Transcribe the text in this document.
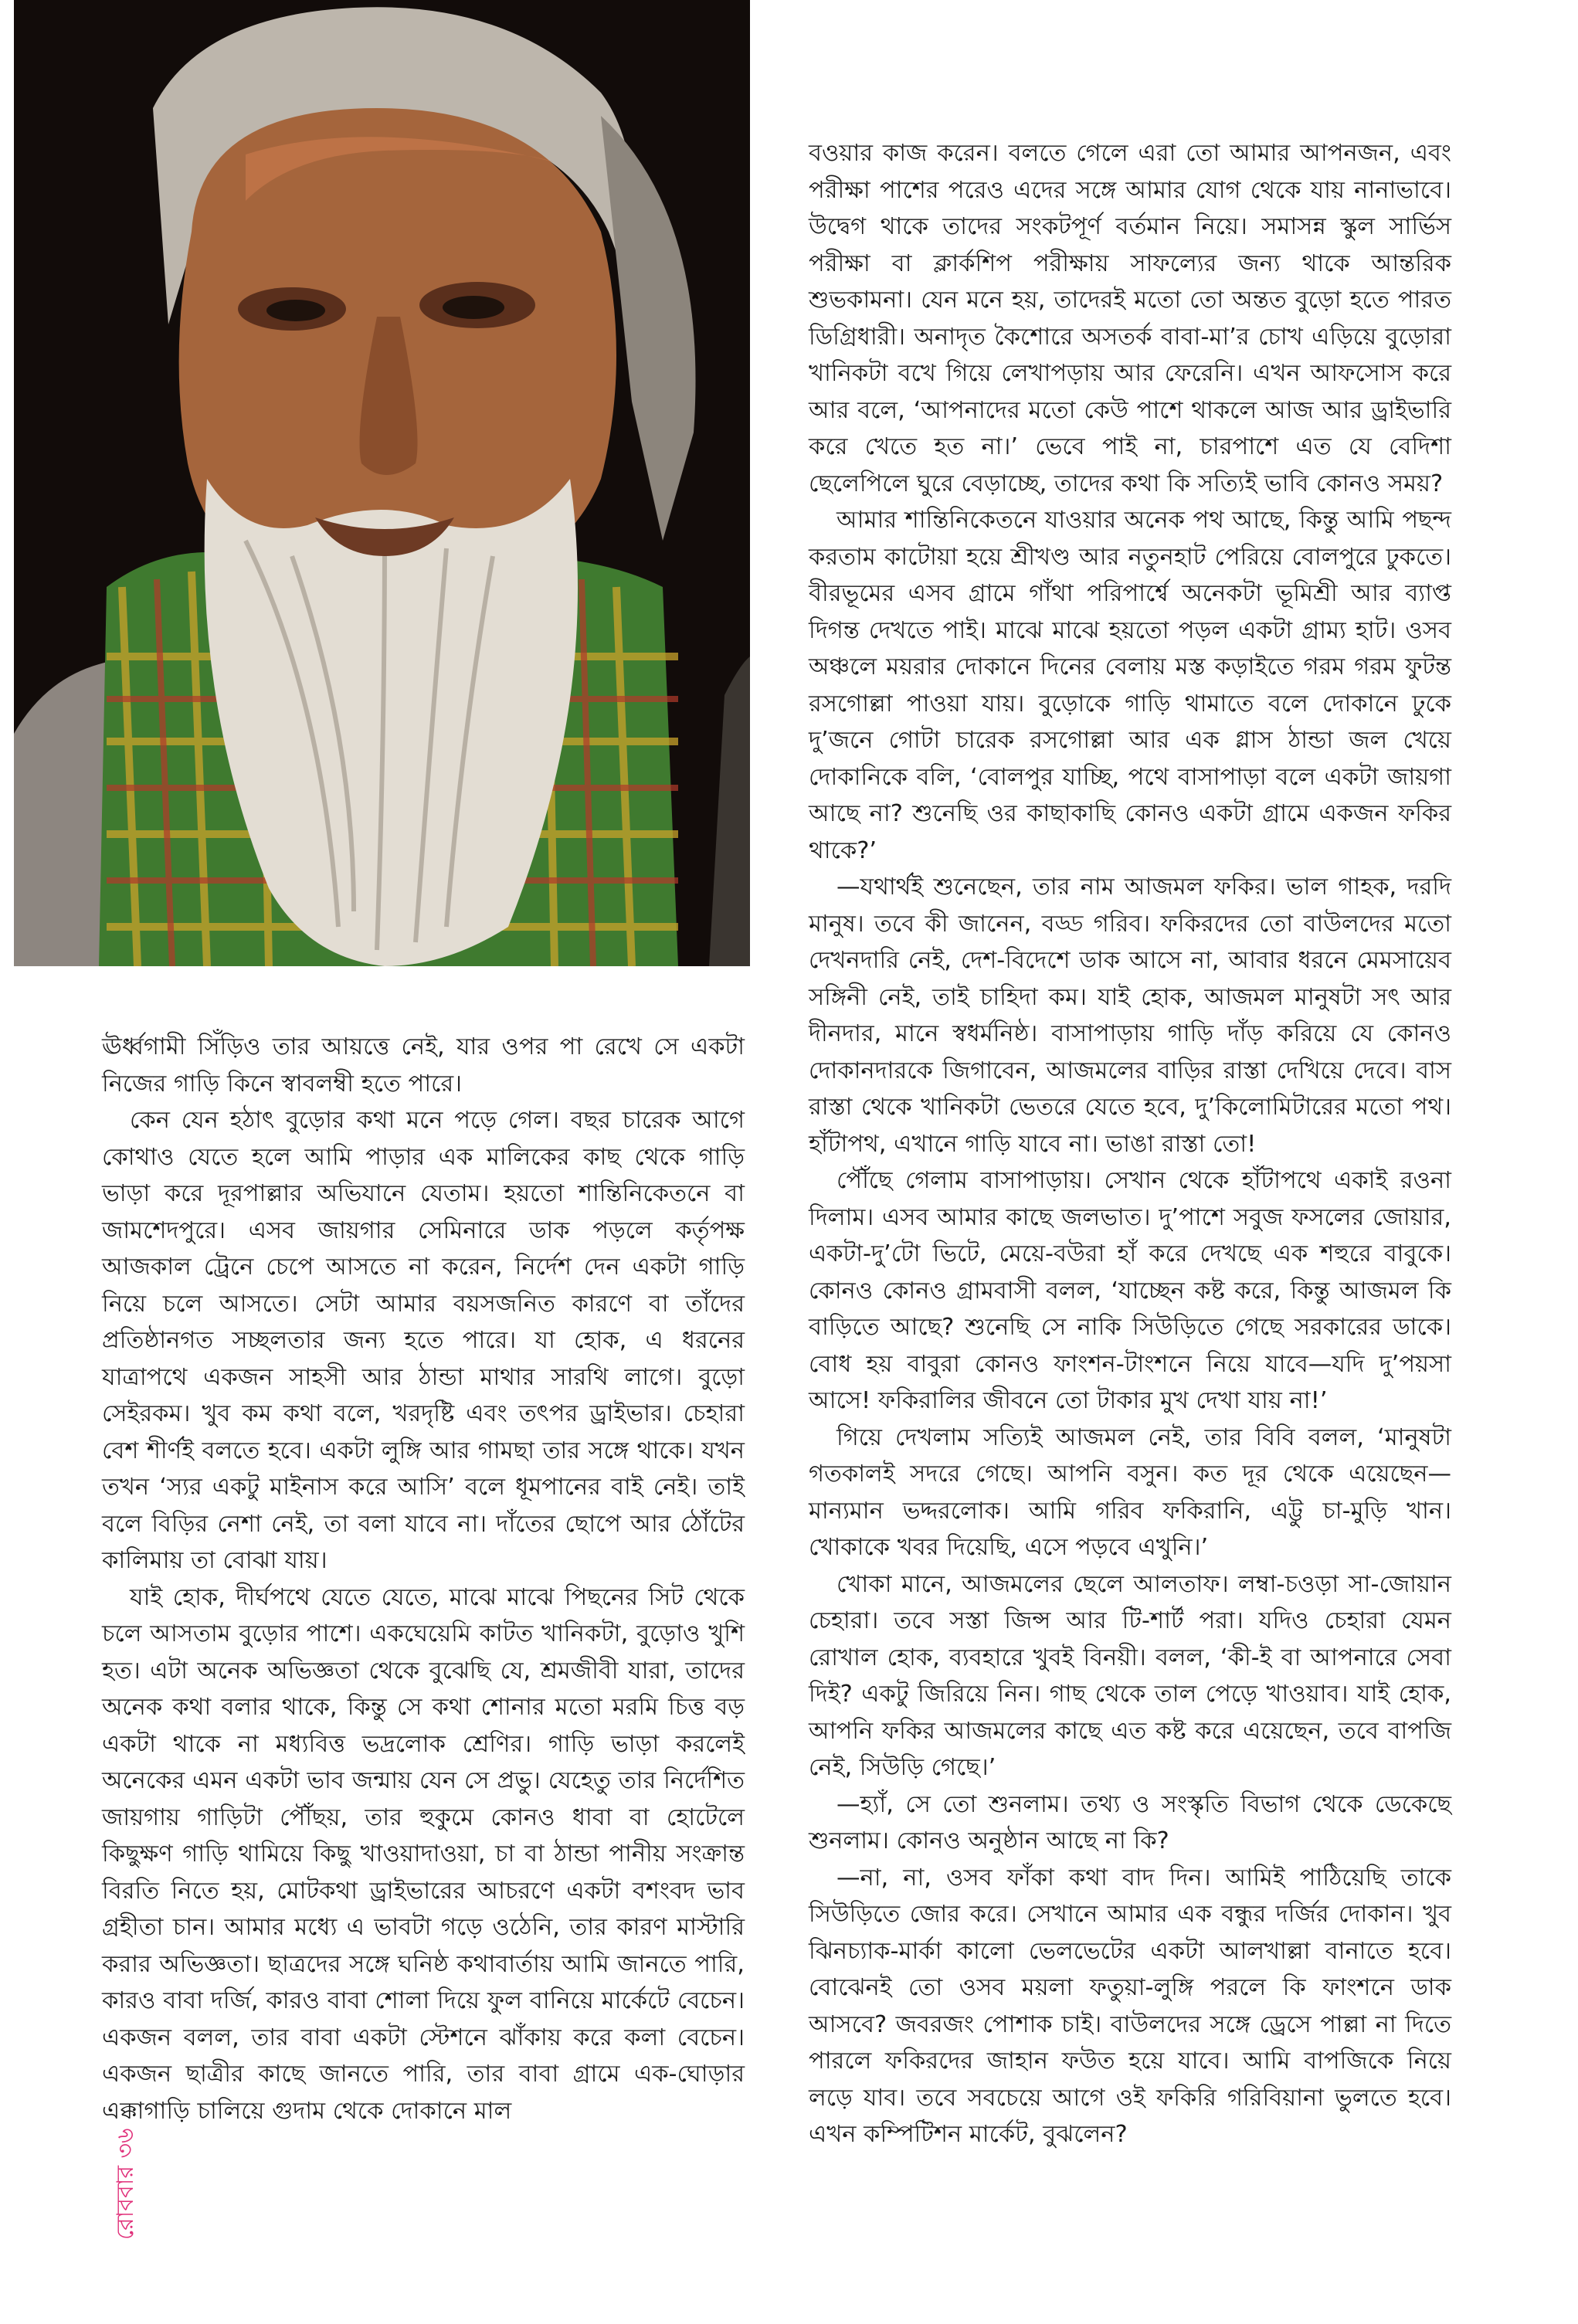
ঊর্ধ্বগামী সিঁড়িও তার আয়ত্তে নেই, যার ওপর পা রেখে সে একটা নিজের গাড়ি কিনে স্বাবলম্বী হতে পারে।

কেন যেন হঠাৎ বুড়োর কথা মনে পড়ে গেল। বছর চারেক আগে কোথাও যেতে হলে আমি পাড়ার এক মালিকের কাছ থেকে গাড়ি ভাড়া করে দূরপাল্লার অভিযানে যেতাম। হয়তো শান্তিনিকেতনে বা জামশেদপুরে। এসব জায়গার সেমিনারে ডাক পড়লে কর্তৃপক্ষ আজকাল ট্রেনে চেপে আসতে না করেন, নির্দেশ দেন একটা গাড়ি নিয়ে চলে আসতে। সেটা আমার বয়সজনিত কারণে বা তাঁদের প্রতিষ্ঠানগত সচ্ছলতার জন্য হতে পারে। যা হোক, এ ধরনের যাত্রাপথে একজন সাহসী আর ঠান্ডা মাথার সারথি লাগে। বুড়ো সেইরকম। খুব কম কথা বলে, খরদৃষ্টি এবং তৎপর ড্রাইভার। চেহারা বেশ শীর্ণই বলতে হবে। একটা লুঙ্গি আর গামছা তার সঙ্গে থাকে। যখন তখন ‘স্যর একটু মাইনাস করে আসি’ বলে ধূমপানের বাই নেই। তাই বলে বিড়ির নেশা নেই, তা বলা যাবে না। দাঁতের ছোপে আর ঠোঁটের কালিমায় তা বোঝা যায়।

যাই হোক, দীর্ঘপথে যেতে যেতে, মাঝে মাঝে পিছনের সিট থেকে চলে আসতাম বুড়োর পাশে। একঘেয়েমি কাটত খানিকটা, বুড়োও খুশি হত। এটা অনেক অভিজ্ঞতা থেকে বুঝেছি যে, শ্রমজীবী যারা, তাদের অনেক কথা বলার থাকে, কিন্তু সে কথা শোনার মতো মরমি চিত্ত বড় একটা থাকে না মধ্যবিত্ত ভদ্রলোক শ্রেণির। গাড়ি ভাড়া করলেই অনেকের এমন একটা ভাব জন্মায় যেন সে প্রভু। যেহেতু তার নির্দেশিত জায়গায় গাড়িটা পৌঁছয়, তার হুকুমে কোনও ধাবা বা হোটেলে কিছুক্ষণ গাড়ি থামিয়ে কিছু খাওয়াদাওয়া, চা বা ঠান্ডা পানীয় সংক্রান্ত বিরতি নিতে হয়, মোটকথা ড্রাইভারের আচরণে একটা বশংবদ ভাব গ্রহীতা চান। আমার মধ্যে এ ভাবটা গড়ে ওঠেনি, তার কারণ মাস্টারি করার অভিজ্ঞতা। ছাত্রদের সঙ্গে ঘনিষ্ঠ কথাবার্তায় আমি জানতে পারি, কারও বাবা দর্জি, কারও বাবা শোলা দিয়ে ফুল বানিয়ে মার্কেটে বেচেন। একজন বলল, তার বাবা একটা স্টেশনে ঝাঁকায় করে কলা বেচেন। একজন ছাত্রীর কাছে জানতে পারি, তার বাবা গ্রামে এক-ঘোড়ার এক্কাগাড়ি চালিয়ে গুদাম থেকে দোকানে মাল

বওয়ার কাজ করেন। বলতে গেলে এরা তো আমার আপনজন, এবং পরীক্ষা পাশের পরেও এদের সঙ্গে আমার যোগ থেকে যায় নানাভাবে। উদ্বেগ থাকে তাদের সংকটপূর্ণ বর্তমান নিয়ে। সমাসন্ন স্কুল সার্ভিস পরীক্ষা বা ক্লার্কশিপ পরীক্ষায় সাফল্যের জন্য থাকে আন্তরিক শুভকামনা। যেন মনে হয়, তাদেরই মতো তো অন্তত বুড়ো হতে পারত ডিগ্রিধারী। অনাদৃত কৈশোরে অসতর্ক বাবা-মা’র চোখ এড়িয়ে বুড়োরা খানিকটা বখে গিয়ে লেখাপড়ায় আর ফেরেনি। এখন আফসোস করে আর বলে, ‘আপনাদের মতো কেউ পাশে থাকলে আজ আর ড্রাইভারি করে খেতে হত না।’ ভেবে পাই না, চারপাশে এত যে বেদিশা ছেলেপিলে ঘুরে বেড়াচ্ছে, তাদের কথা কি সত্যিই ভাবি কোনও সময়?

আমার শান্তিনিকেতনে যাওয়ার অনেক পথ আছে, কিন্তু আমি পছন্দ করতাম কাটোয়া হয়ে শ্রীখণ্ড আর নতুনহাট পেরিয়ে বোলপুরে ঢুকতে। বীরভূমের এসব গ্রামে গাঁথা পরিপার্শ্বে অনেকটা ভূমিশ্রী আর ব্যাপ্ত দিগন্ত দেখতে পাই। মাঝে মাঝে হয়তো পড়ল একটা গ্রাম্য হাট। ওসব অঞ্চলে ময়রার দোকানে দিনের বেলায় মস্ত কড়াইতে গরম গরম ফুটন্ত রসগোল্লা পাওয়া যায়। বুড়োকে গাড়ি থামাতে বলে দোকানে ঢুকে দু’জনে গোটা চারেক রসগোল্লা আর এক গ্লাস ঠান্ডা জল খেয়ে দোকানিকে বলি, ‘বোলপুর যাচ্ছি, পথে বাসাপাড়া বলে একটা জায়গা আছে না? শুনেছি ওর কাছাকাছি কোনও একটা গ্রামে একজন ফকির থাকে?’

—যথার্থই শুনেছেন, তার নাম আজমল ফকির। ভাল গাহক, দরদি মানুষ। তবে কী জানেন, বড্ড গরিব। ফকিরদের তো বাউলদের মতো দেখনদারি নেই, দেশ-বিদেশে ডাক আসে না, আবার ধরনে মেমসায়েব সঙ্গিনী নেই, তাই চাহিদা কম। যাই হোক, আজমল মানুষটা সৎ আর দীনদার, মানে স্বধর্মনিষ্ঠ। বাসাপাড়ায় গাড়ি দাঁড় করিয়ে যে কোনও দোকানদারকে জিগাবেন, আজমলের বাড়ির রাস্তা দেখিয়ে দেবে। বাস রাস্তা থেকে খানিকটা ভেতরে যেতে হবে, দু’কিলোমিটারের মতো পথ। হাঁটাপথ, এখানে গাড়ি যাবে না। ভাঙা রাস্তা তো!

পৌঁছে গেলাম বাসাপাড়ায়। সেখান থেকে হাঁটাপথে একাই রওনা দিলাম। এসব আমার কাছে জলভাত। দু’পাশে সবুজ ফসলের জোয়ার, একটা-দু’টো ভিটে, মেয়ে-বউরা হাঁ করে দেখছে এক শহুরে বাবুকে। কোনও কোনও গ্রামবাসী বলল, ‘যাচ্ছেন কষ্ট করে, কিন্তু আজমল কি বাড়িতে আছে? শুনেছি সে নাকি সিউড়িতে গেছে সরকারের ডাকে। বোধ হয় বাবুরা কোনও ফাংশন-টাংশনে নিয়ে যাবে—যদি দু’পয়সা আসে! ফকিরালির জীবনে তো টাকার মুখ দেখা যায় না!’

গিয়ে দেখলাম সত্যিই আজমল নেই, তার বিবি বলল, ‘মানুষটা গতকালই সদরে গেছে। আপনি বসুন। কত দূর থেকে এয়েছেন—মান্যমান ভদ্দরলোক। আমি গরিব ফকিরানি, এট্টু চা-মুড়ি খান। খোকাকে খবর দিয়েছি, এসে পড়বে এখুনি।’

খোকা মানে, আজমলের ছেলে আলতাফ। লম্বা-চওড়া সা-জোয়ান চেহারা। তবে সস্তা জিন্স আর টি-শার্ট পরা। যদিও চেহারা যেমন রোখাল হোক, ব্যবহারে খুবই বিনয়ী। বলল, ‘কী-ই বা আপনারে সেবা দিই? একটু জিরিয়ে নিন। গাছ থেকে তাল পেড়ে খাওয়াব। যাই হোক, আপনি ফকির আজমলের কাছে এত কষ্ট করে এয়েছেন, তবে বাপজি নেই, সিউড়ি গেছে।’

—হ্যাঁ, সে তো শুনলাম। তথ্য ও সংস্কৃতি বিভাগ থেকে ডেকেছে শুনলাম। কোনও অনুষ্ঠান আছে না কি?

—না, না, ওসব ফাঁকা কথা বাদ দিন। আমিই পাঠিয়েছি তাকে সিউড়িতে জোর করে। সেখানে আমার এক বন্ধুর দর্জির দোকান। খুব ঝিনচ্যাক-মার্কা কালো ভেলভেটের একটা আলখাল্লা বানাতে হবে। বোঝেনই তো ওসব ময়লা ফতুয়া-লুঙ্গি পরলে কি ফাংশনে ডাক আসবে? জবরজং পোশাক চাই। বাউলদের সঙ্গে ড্রেসে পাল্লা না দিতে পারলে ফকিরদের জাহান ফউত হয়ে যাবে। আমি বাপজিকে নিয়ে লড়ে যাব। তবে সবচেয়ে আগে ওই ফকিরি গরিবিয়ানা ভুলতে হবে। এখন কম্পিটিশন মার্কেট, বুঝলেন?

রোববার ৩৬
